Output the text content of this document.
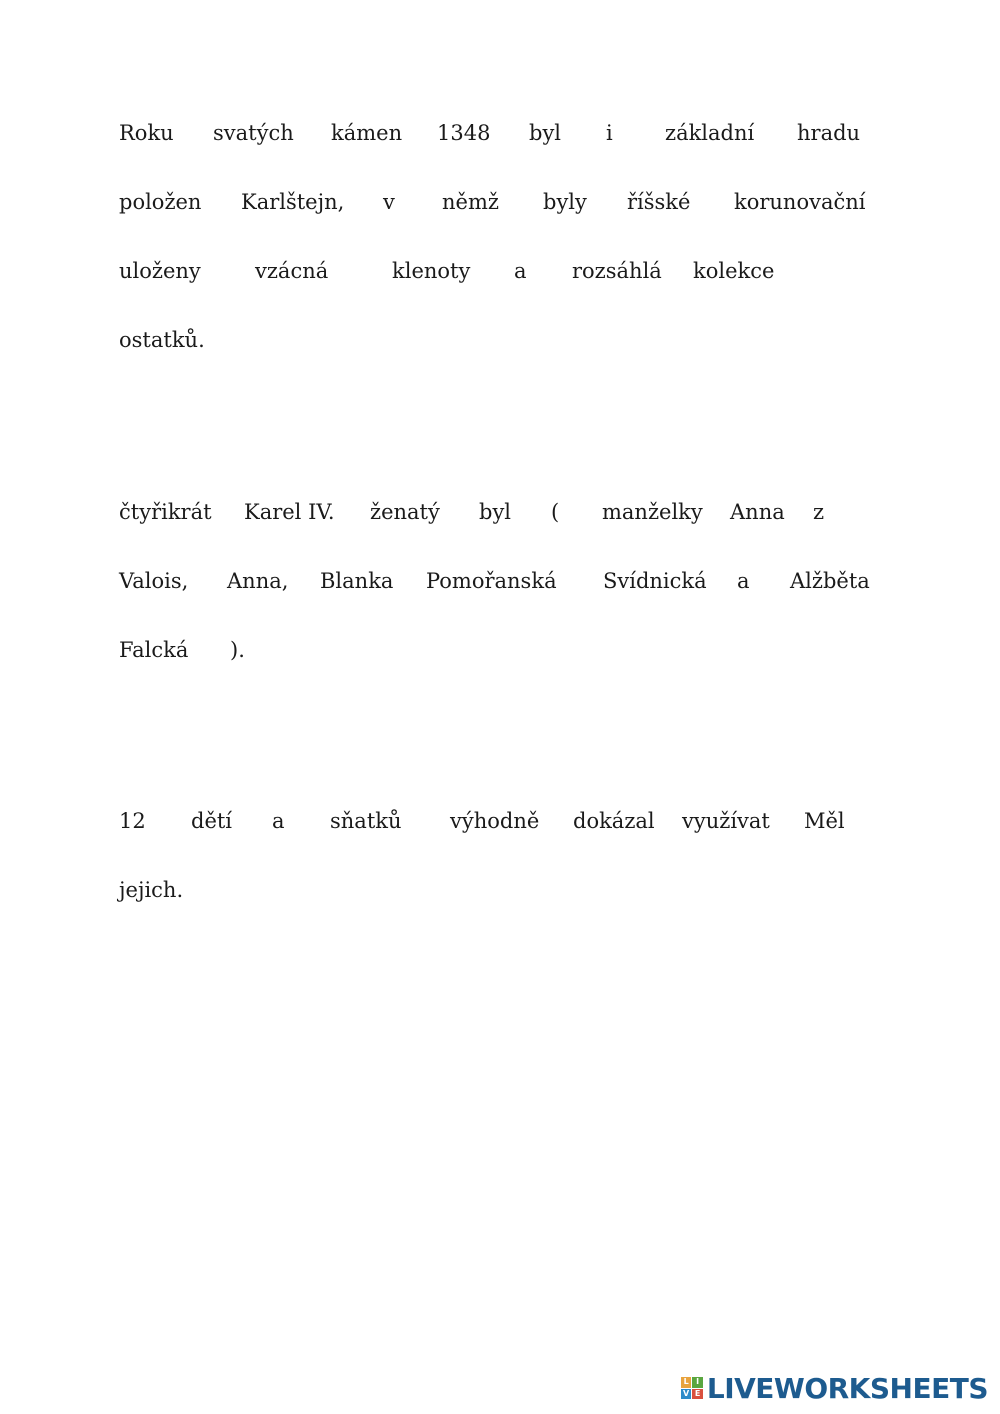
Roku svatých kámen 1348 byl i základní hradu
položen Karlštejn, v němž byly říšské korunovační
uloženy	vzácná	klenoty a rozsáhlá kolekce
ostatků.
čtyřikrát Karel IV. ženatý byl ( manželky Anna z
Valois, Anna, Blanka Pomořanská Svídnická a Alžběta
Falcká ).
12 dětí a sňatků výhodně dokázal využívat Měl
jejich.
L I
V E LIVEWORKSHEETS
